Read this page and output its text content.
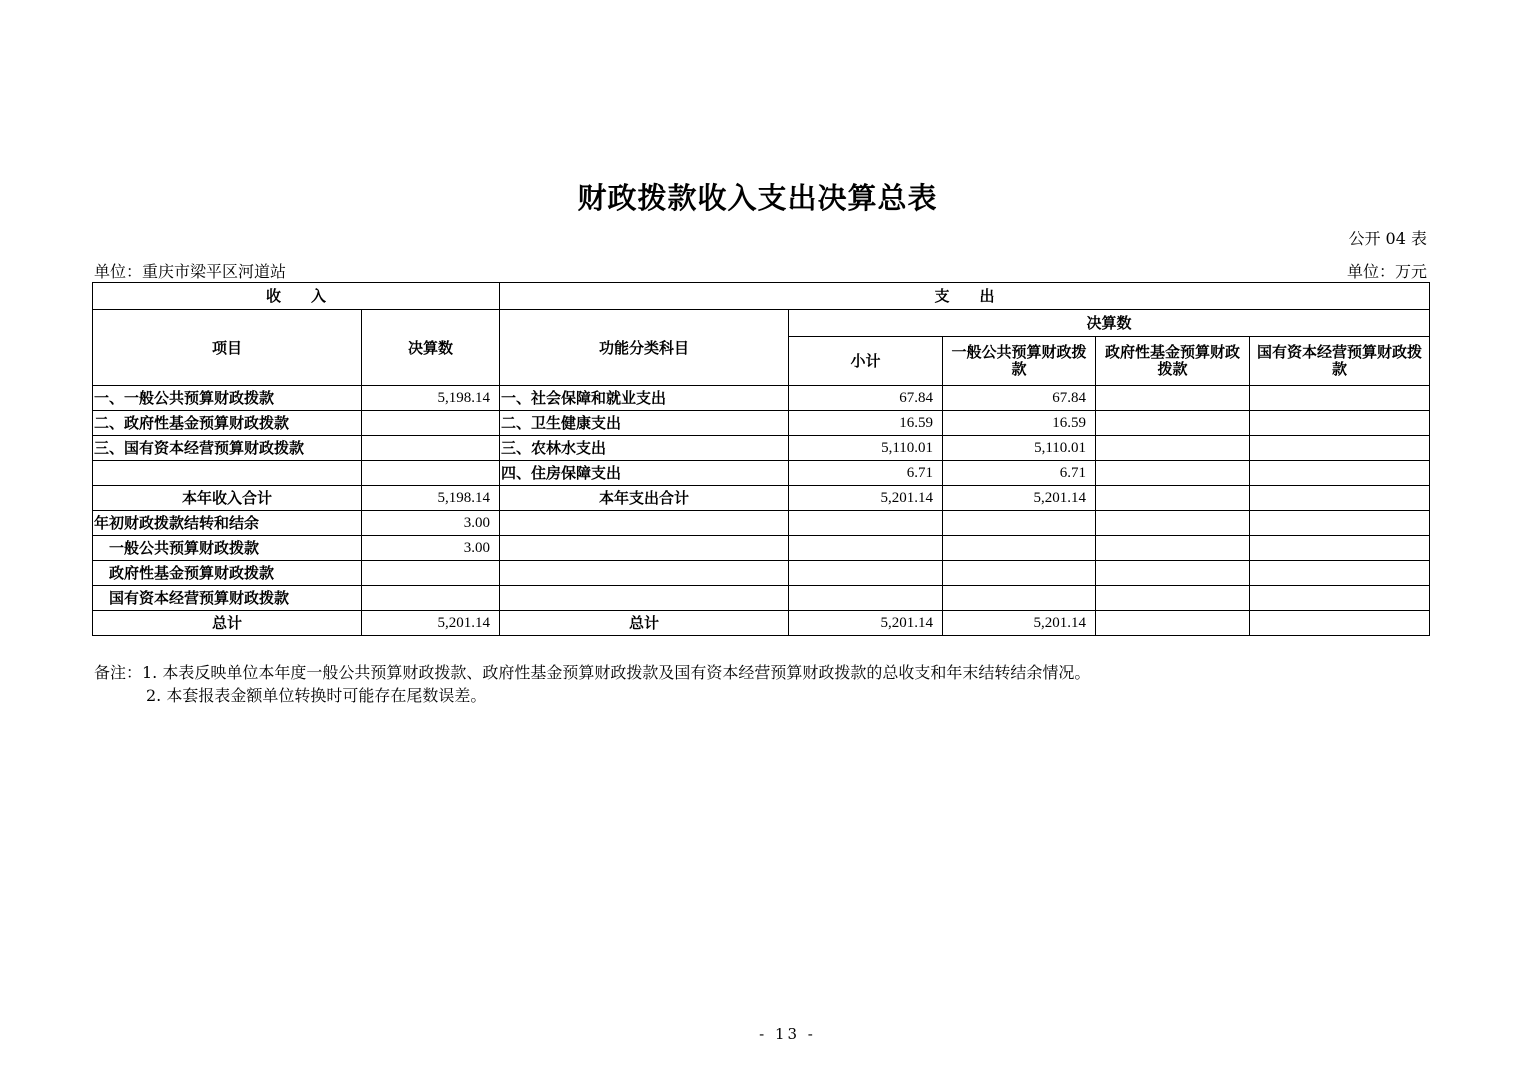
财政拨款收入支出决算总表
公开 04 表
单位：重庆市梁平区河道站	单位：万元
收　　入		支　　出				
项目	决算数	功能分类科目	决算数			
			小计	一般公共预算财政拨款	政府性基金预算财政拨款	国有资本经营预算财政拨款
一、一般公共预算财政拨款	5,198.14	一、社会保障和就业支出	67.84	67.84		
二、政府性基金预算财政拨款		二、卫生健康支出	16.59	16.59		
三、国有资本经营预算财政拨款		三、农林水支出	5,110.01	5,110.01		
		四、住房保障支出	6.71	6.71		
本年收入合计	5,198.14	本年支出合计	5,201.14	5,201.14		
年初财政拨款结转和结余	3.00					
一般公共预算财政拨款	3.00					
政府性基金预算财政拨款						
国有资本经营预算财政拨款						
总计	5,201.14	总计	5,201.14	5,201.14		
备注：1. 本表反映单位本年度一般公共预算财政拨款、政府性基金预算财政拨款及国有资本经营预算财政拨款的总收支和年末结转结余情况。
2. 本套报表金额单位转换时可能存在尾数误差。
- 13 -
